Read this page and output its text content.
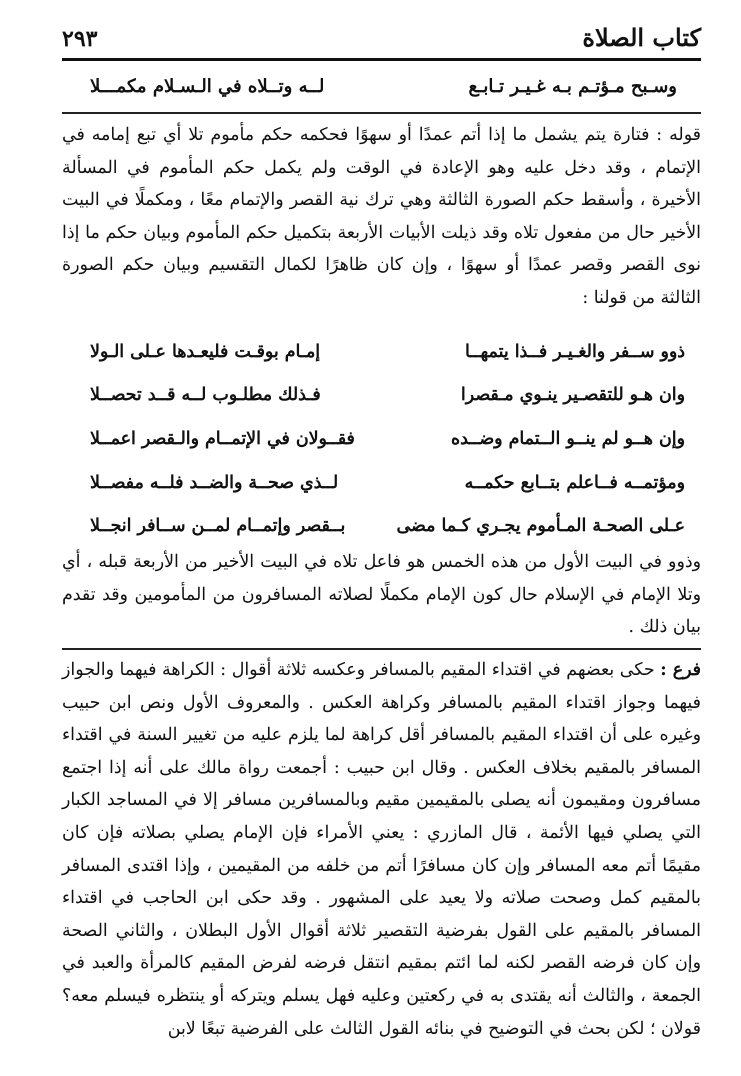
كتاب الصلاة
٢٩٣
وسـبح مـؤتـم بـه غـيـر تـابـع
لــه وتــلاه في الـسـلام مكمـــلا

قوله : فتارة يتم يشمل ما إذا أتم عمدًا أو سهوًا فحكمه حكم مأموم تلا أي تبع إمامه في الإتمام ، وقد دخل عليه وهو الإعادة في الوقت ولم يكمل حكم المأموم في المسألة الأخيرة ، وأسقط حكم الصورة الثالثة وهي ترك نية القصر والإتمام معًا ، ومكملًا في البيت الأخير حال من مفعول تلاه وقد ذيلت الأبيات الأربعة بتكميل حكم المأموم وبيان حكم ما إذا نوى القصر وقصر عمدًا أو سهوًا ، وإن كان ظاهرًا لكمال التقسيم وبيان حكم الصورة الثالثة من قولنا :

ذوو ســفر والغـيـر فــذا يتمهــا
إمـام بوقـت فليعـدها عـلى الـولا
وان هـو للتقصـير ينـوي مـقصرا
فـذلك مطلـوب لــه قــد تحصــلا
وإن هــو لم ينــو الــتمام وضــده
فقــولان في الإتمــام والـقصر اعمــلا
ومؤتمــه فــاعلم بتــابع حكمــه
لــذي صحــة والضــد فلــه مفصــلا
عـلى الصحـة المـأموم يجـري كـما مضى
بــقصر وإتمــام لمــن ســافر انجــلا

وذوو في البيت الأول من هذه الخمس هو فاعل تلاه في البيت الأخير من الأربعة قبله ، أي وتلا الإمام في الإسلام حال كون الإمام مكملًا لصلاته المسافرون من المأمومين وقد تقدم بيان ذلك .

فرع : حكى بعضهم في اقتداء المقيم بالمسافر وعكسه ثلاثة أقوال : الكراهة فيهما والجواز فيهما وجواز اقتداء المقيم بالمسافر وكراهة العكس . والمعروف الأول ونص ابن حبيب وغيره على أن اقتداء المقيم بالمسافر أقل كراهة لما يلزم عليه من تغيير السنة في اقتداء المسافر بالمقيم بخلاف العكس . وقال ابن حبيب : أجمعت رواة مالك على أنه إذا اجتمع مسافرون ومقيمون أنه يصلى بالمقيمين مقيم وبالمسافرين مسافر إلا في المساجد الكبار التي يصلي فيها الأئمة ، قال المازري : يعني الأمراء فإن الإمام يصلي بصلاته فإن كان مقيمًا أتم معه المسافر وإن كان مسافرًا أتم من خلفه من المقيمين ، وإذا اقتدى المسافر بالمقيم كمل وصحت صلاته ولا يعيد على المشهور . وقد حكى ابن الحاجب في اقتداء المسافر بالمقيم على القول بفرضية التقصير ثلاثة أقوال الأول البطلان ، والثاني الصحة وإن كان فرضه القصر لكنه لما ائتم بمقيم انتقل فرضه لفرض المقيم كالمرأة والعبد في الجمعة ، والثالث أنه يقتدى به في ركعتين وعليه فهل يسلم ويتركه أو ينتظره فيسلم معه؟ قولان ؛ لكن بحث في التوضيح في بنائه القول الثالث على الفرضية تبعًا لابن
